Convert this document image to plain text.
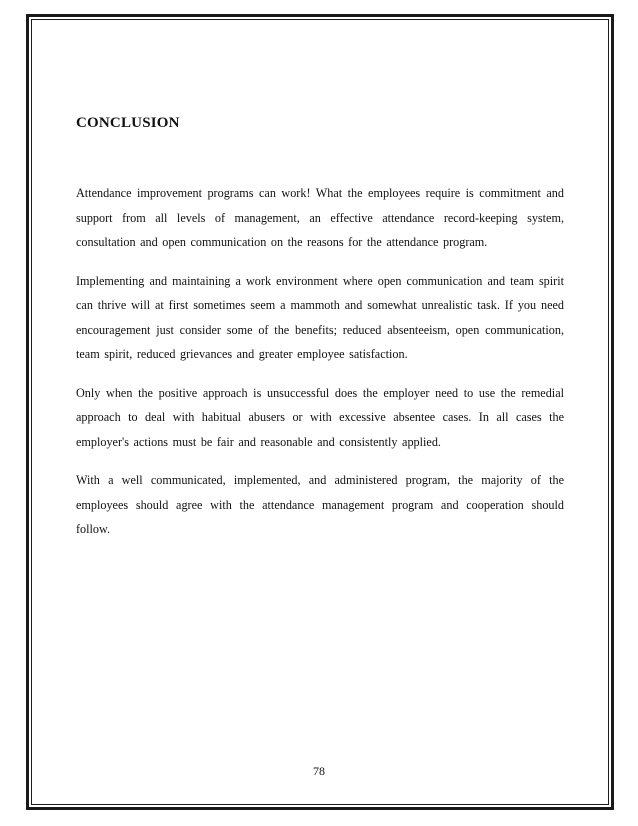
CONCLUSION

Attendance improvement programs can work! What the employees require is commitment and support from all levels of management, an effective attendance record-keeping system, consultation and open communication on the reasons for the attendance program.

Implementing and maintaining a work environment where open communication and team spirit can thrive will at first sometimes seem a mammoth and somewhat unrealistic task. If you need encouragement just consider some of the benefits; reduced absenteeism, open communication, team spirit, reduced grievances and greater employee satisfaction.

Only when the positive approach is unsuccessful does the employer need to use the remedial approach to deal with habitual abusers or with excessive absentee cases. In all cases the employer's actions must be fair and reasonable and consistently applied.

With a well communicated, implemented, and administered program, the majority of the employees should agree with the attendance management program and cooperation should follow.

78
